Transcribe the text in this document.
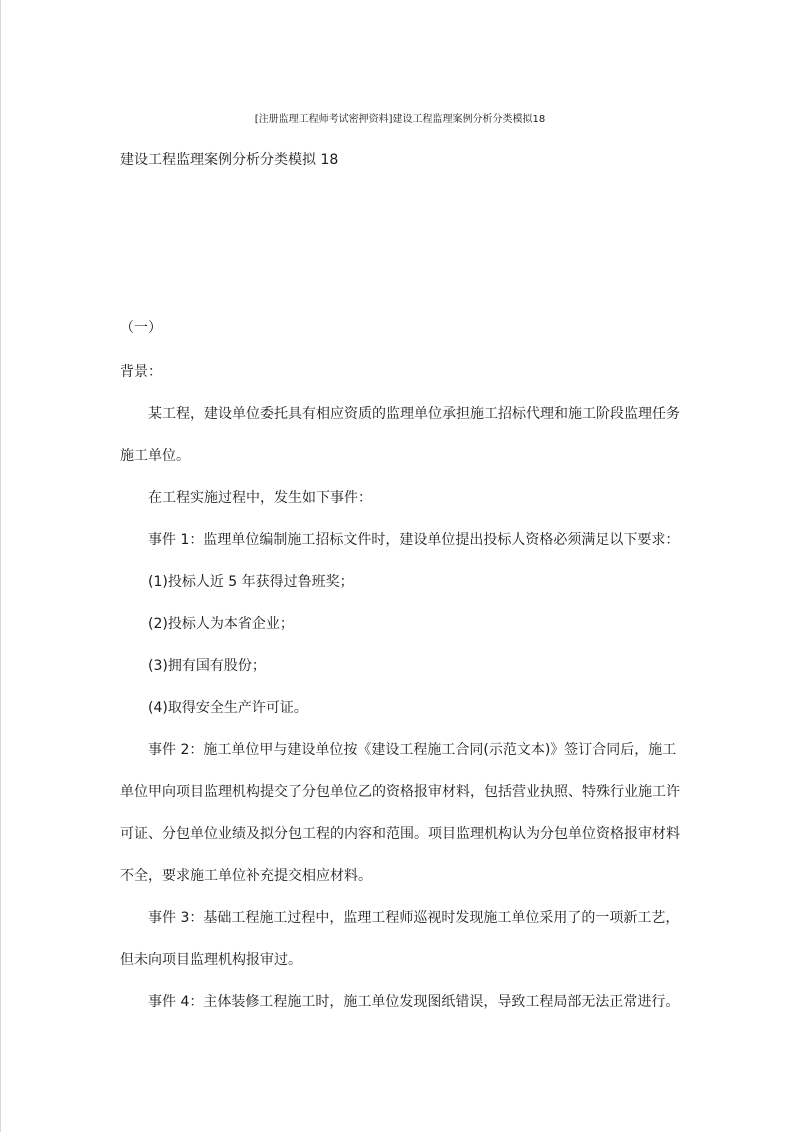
[注册监理工程师考试密押资料]建设工程监理案例分析分类模拟18

建设工程监理案例分析分类模拟 18

（一）

背景：

某工程，建设单位委托具有相应资质的监理单位承担施工招标代理和施工阶段监理任务

施工单位。

在工程实施过程中，发生如下事件：

事件 1：监理单位编制施工招标文件时，建设单位提出投标人资格必须满足以下要求：

(1)投标人近 5 年获得过鲁班奖；

(2)投标人为本省企业；

(3)拥有国有股份；

(4)取得安全生产许可证。

事件 2：施工单位甲与建设单位按《建设工程施工合同(示范文本)》签订合同后，施工

单位甲向项目监理机构提交了分包单位乙的资格报审材料，包括营业执照、特殊行业施工许

可证、分包单位业绩及拟分包工程的内容和范围。项目监理机构认为分包单位资格报审材料

不全，要求施工单位补充提交相应材料。

事件 3：基础工程施工过程中，监理工程师巡视时发现施工单位采用了的一项新工艺，

但未向项目监理机构报审过。

事件 4：主体装修工程施工时，施工单位发现图纸错误，导致工程局部无法正常进行。
